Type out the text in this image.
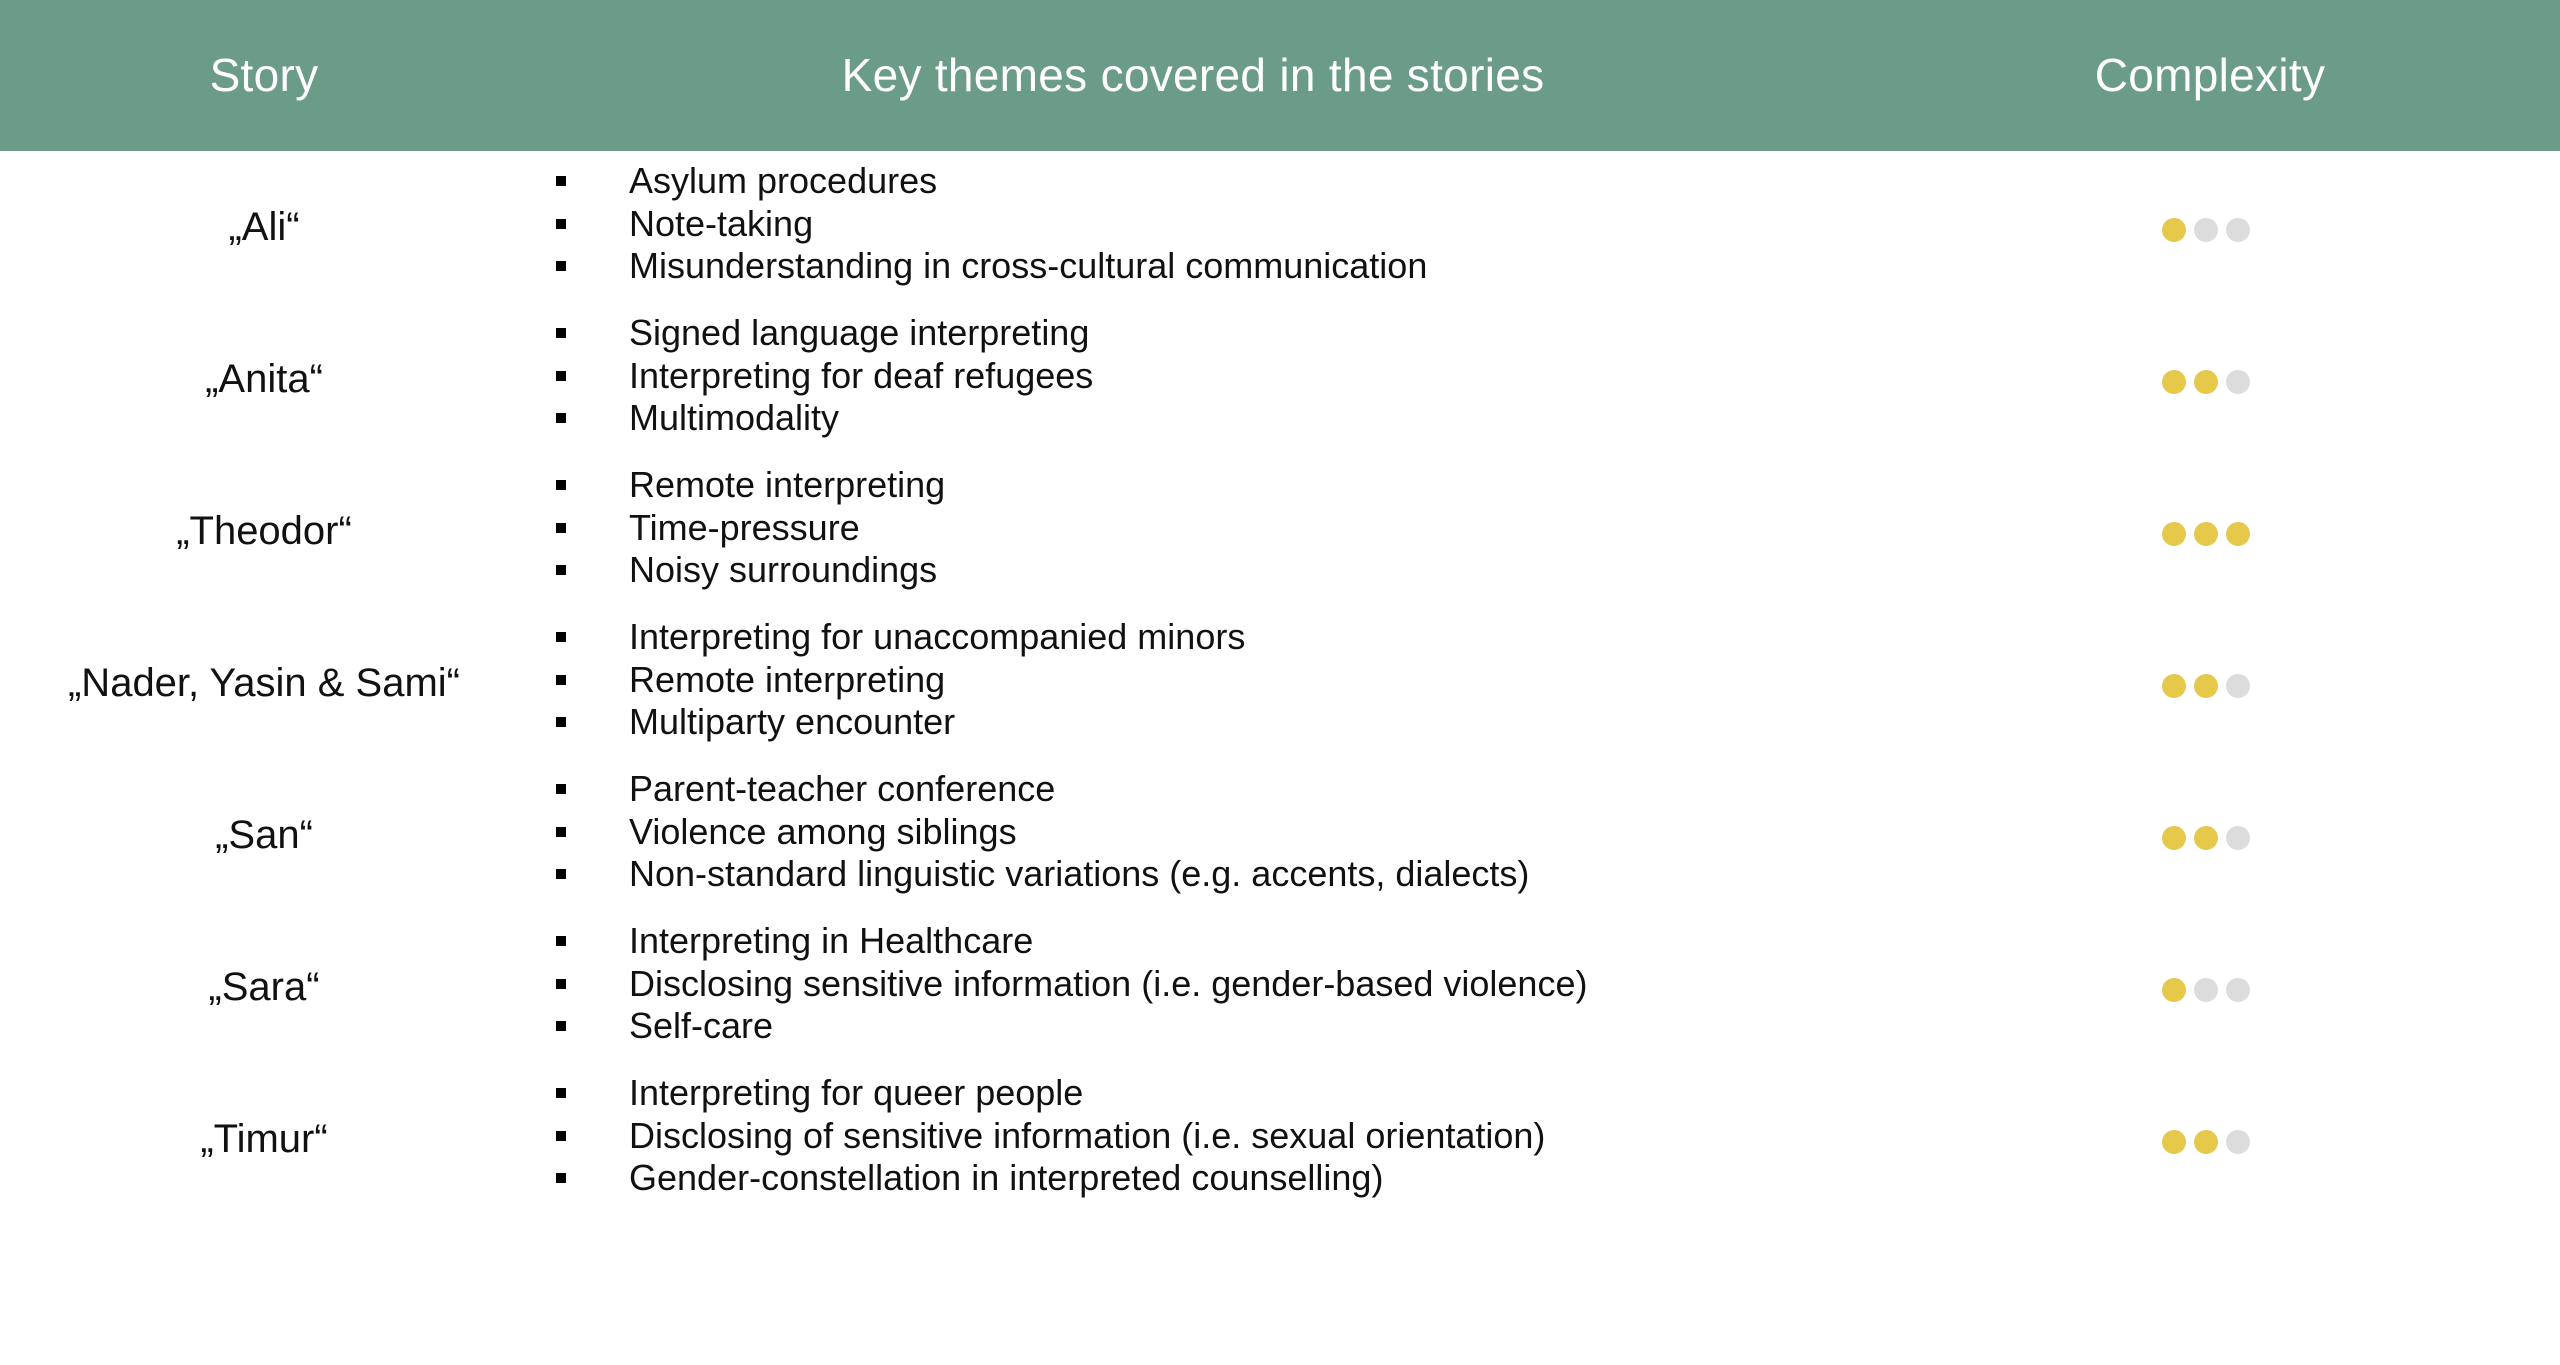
Story	Key themes covered in the stories	Complexity
„Ali“
Asylum procedures
Note-taking
Misunderstanding in cross-cultural communication
„Anita“
Signed language interpreting
Interpreting for deaf refugees
Multimodality
„Theodor“
Remote interpreting
Time-pressure
Noisy surroundings
„Nader, Yasin & Sami“
Interpreting for unaccompanied minors
Remote interpreting
Multiparty encounter
„San“
Parent-teacher conference
Violence among siblings
Non-standard linguistic variations (e.g. accents, dialects)
„Sara“
Interpreting in Healthcare
Disclosing sensitive information (i.e. gender-based violence)
Self-care
„Timur“
Interpreting for queer people
Disclosing of sensitive information (i.e. sexual orientation)
Gender-constellation in interpreted counselling)
